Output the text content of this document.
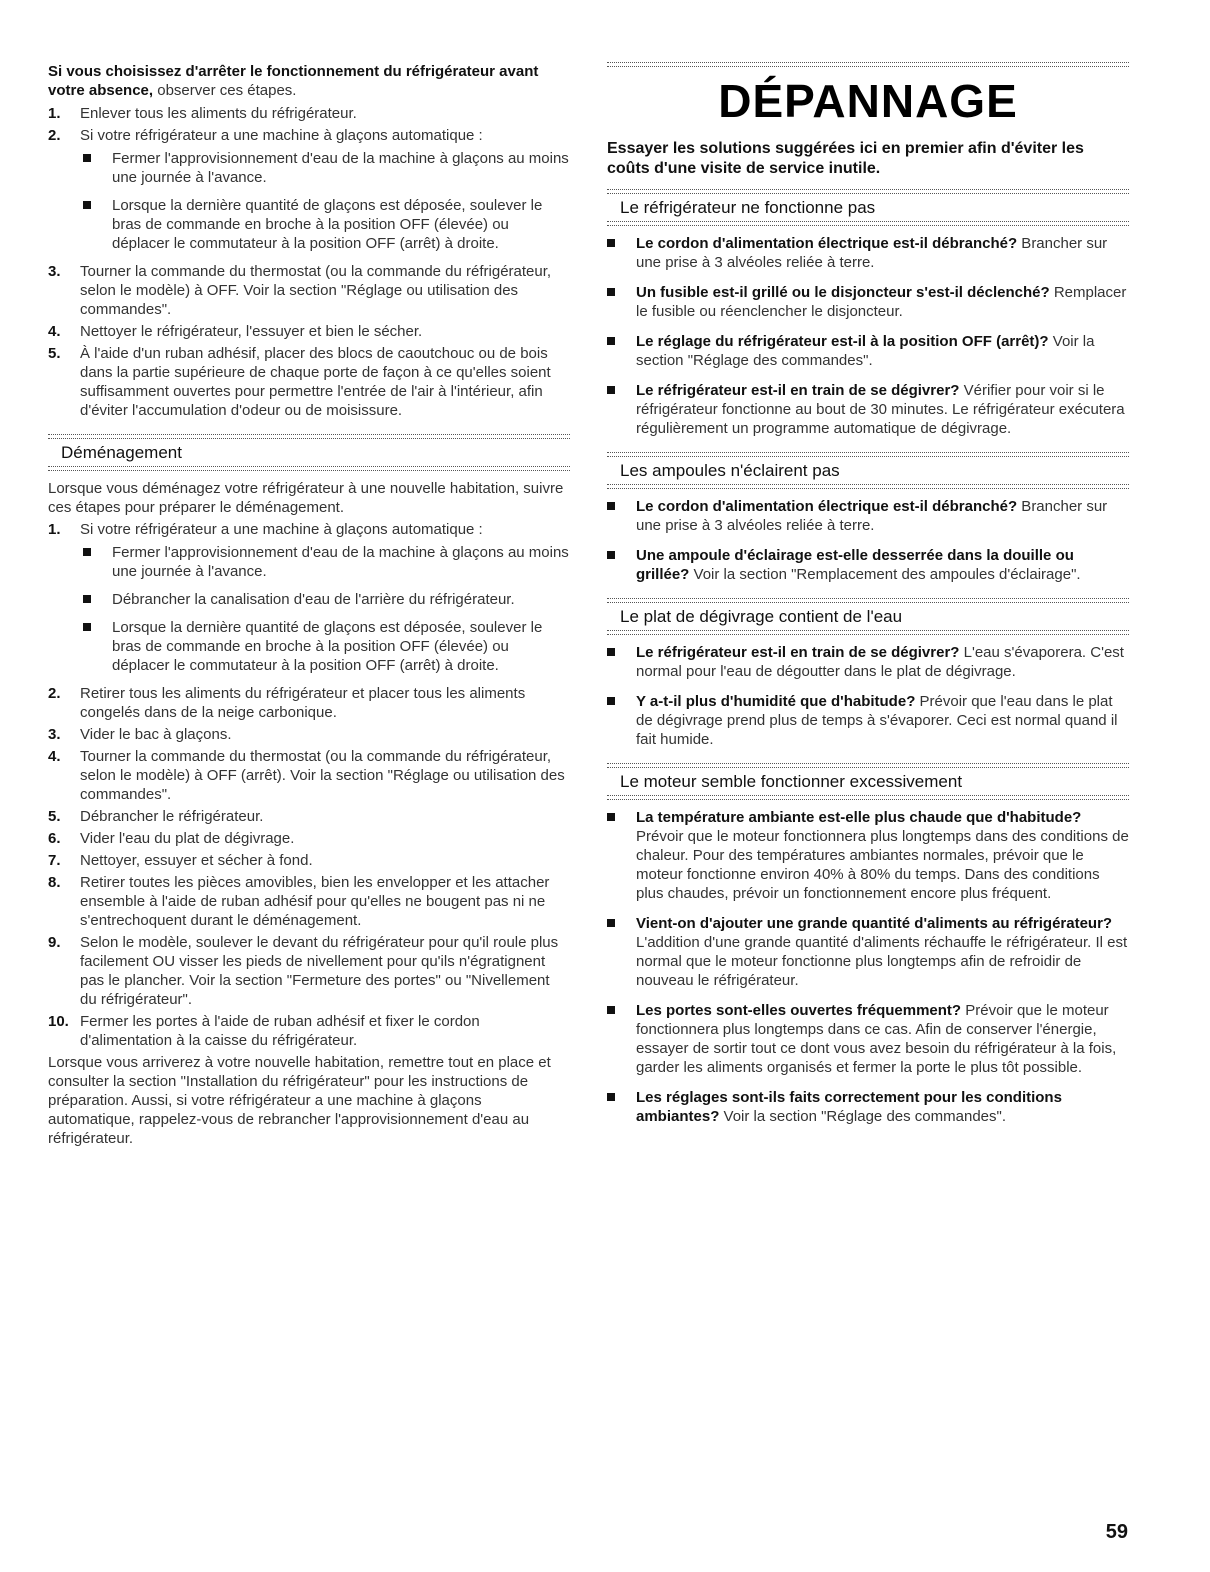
Si vous choisissez d'arrêter le fonctionnement du réfrigérateur avant votre absence, observer ces étapes.

1. Enlever tous les aliments du réfrigérateur.
2. Si votre réfrigérateur a une machine à glaçons automatique :
Fermer l'approvisionnement d'eau de la machine à glaçons au moins une journée à l'avance.
Lorsque la dernière quantité de glaçons est déposée, soulever le bras de commande en broche à la position OFF (élevée) ou déplacer le commutateur à la position OFF (arrêt) à droite.
3. Tourner la commande du thermostat (ou la commande du réfrigérateur, selon le modèle) à OFF. Voir la section "Réglage ou utilisation des commandes".
4. Nettoyer le réfrigérateur, l'essuyer et bien le sécher.
5. À l'aide d'un ruban adhésif, placer des blocs de caoutchouc ou de bois dans la partie supérieure de chaque porte de façon à ce qu'elles soient suffisamment ouvertes pour permettre l'entrée de l'air à l'intérieur, afin d'éviter l'accumulation d'odeur ou de moisissure.
Déménagement

Lorsque vous déménagez votre réfrigérateur à une nouvelle habitation, suivre ces étapes pour préparer le déménagement.

1. Si votre réfrigérateur a une machine à glaçons automatique :
Fermer l'approvisionnement d'eau de la machine à glaçons au moins une journée à l'avance.
Débrancher la canalisation d'eau de l'arrière du réfrigérateur.
Lorsque la dernière quantité de glaçons est déposée, soulever le bras de commande en broche à la position OFF (élevée) ou déplacer le commutateur à la position OFF (arrêt) à droite.
2. Retirer tous les aliments du réfrigérateur et placer tous les aliments congelés dans de la neige carbonique.
3. Vider le bac à glaçons.
4. Tourner la commande du thermostat (ou la commande du réfrigérateur, selon le modèle) à OFF (arrêt). Voir la section "Réglage ou utilisation des commandes".
5. Débrancher le réfrigérateur.
6. Vider l'eau du plat de dégivrage.
7. Nettoyer, essuyer et sécher à fond.
8. Retirer toutes les pièces amovibles, bien les envelopper et les attacher ensemble à l'aide de ruban adhésif pour qu'elles ne bougent pas ni ne s'entrechoquent durant le déménagement.
9. Selon le modèle, soulever le devant du réfrigérateur pour qu'il roule plus facilement OU visser les pieds de nivellement pour qu'ils n'égratignent pas le plancher. Voir la section "Fermeture des portes" ou "Nivellement du réfrigérateur".
10. Fermer les portes à l'aide de ruban adhésif et fixer le cordon d'alimentation à la caisse du réfrigérateur.

Lorsque vous arriverez à votre nouvelle habitation, remettre tout en place et consulter la section "Installation du réfrigérateur" pour les instructions de préparation. Aussi, si votre réfrigérateur a une machine à glaçons automatique, rappelez-vous de rebrancher l'approvisionnement d'eau au réfrigérateur.

DÉPANNAGE

Essayer les solutions suggérées ici en premier afin d'éviter les coûts d'une visite de service inutile.

Le réfrigérateur ne fonctionne pas
Le cordon d'alimentation électrique est-il débranché? Brancher sur une prise à 3 alvéoles reliée à terre.
Un fusible est-il grillé ou le disjoncteur s'est-il déclenché? Remplacer le fusible ou réenclencher le disjoncteur.
Le réglage du réfrigérateur est-il à la position OFF (arrêt)? Voir la section "Réglage des commandes".
Le réfrigérateur est-il en train de se dégivrer? Vérifier pour voir si le réfrigérateur fonctionne au bout de 30 minutes. Le réfrigérateur exécutera régulièrement un programme automatique de dégivrage.
Les ampoules n'éclairent pas
Le cordon d'alimentation électrique est-il débranché? Brancher sur une prise à 3 alvéoles reliée à terre.
Une ampoule d'éclairage est-elle desserrée dans la douille ou grillée? Voir la section "Remplacement des ampoules d'éclairage".
Le plat de dégivrage contient de l'eau
Le réfrigérateur est-il en train de se dégivrer? L'eau s'évaporera. C'est normal pour l'eau de dégoutter dans le plat de dégivrage.
Y a-t-il plus d'humidité que d'habitude? Prévoir que l'eau dans le plat de dégivrage prend plus de temps à s'évaporer. Ceci est normal quand il fait humide.
Le moteur semble fonctionner excessivement
La température ambiante est-elle plus chaude que d'habitude? Prévoir que le moteur fonctionnera plus longtemps dans des conditions de chaleur. Pour des températures ambiantes normales, prévoir que le moteur fonctionne environ 40% à 80% du temps. Dans des conditions plus chaudes, prévoir un fonctionnement encore plus fréquent.
Vient-on d'ajouter une grande quantité d'aliments au réfrigérateur? L'addition d'une grande quantité d'aliments réchauffe le réfrigérateur. Il est normal que le moteur fonctionne plus longtemps afin de refroidir de nouveau le réfrigérateur.
Les portes sont-elles ouvertes fréquemment? Prévoir que le moteur fonctionnera plus longtemps dans ce cas. Afin de conserver l'énergie, essayer de sortir tout ce dont vous avez besoin du réfrigérateur à la fois, garder les aliments organisés et fermer la porte le plus tôt possible.
Les réglages sont-ils faits correctement pour les conditions ambiantes? Voir la section "Réglage des commandes".
59
